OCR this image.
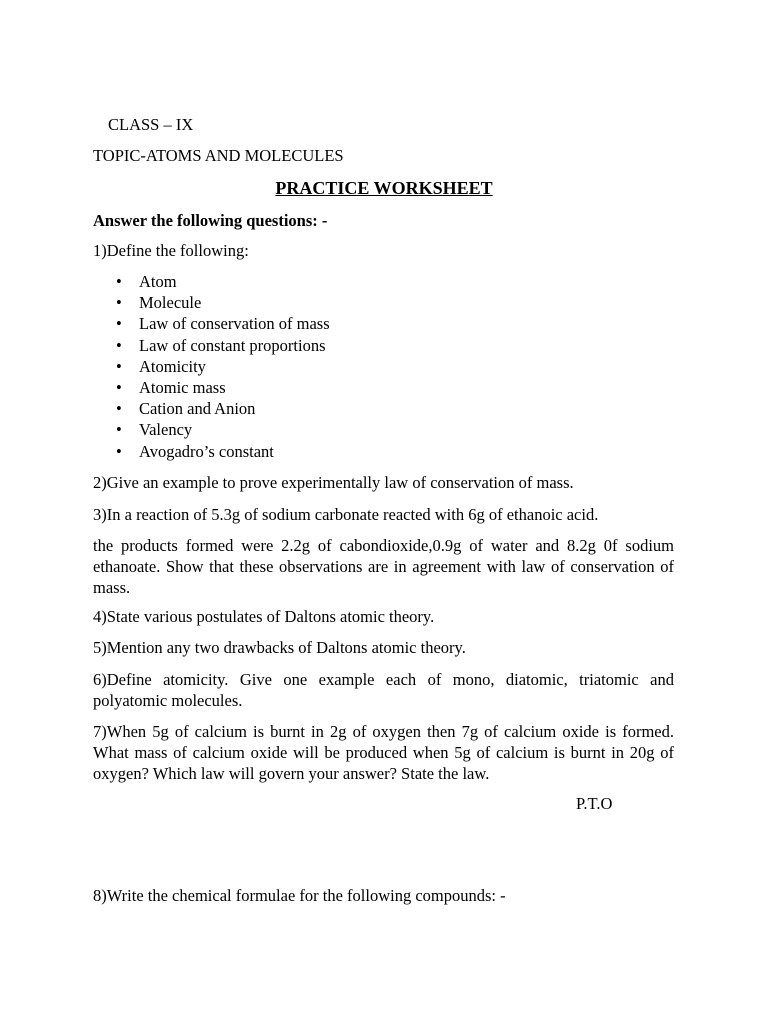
CLASS – IX
TOPIC-ATOMS AND MOLECULES
PRACTICE WORKSHEET
Answer the following questions: -
1)Define the following:
• Atom
• Molecule
• Law of conservation of mass
• Law of constant proportions
• Atomicity
• Atomic mass
• Cation and Anion
• Valency
• Avogadro’s constant
2)Give an example to prove experimentally law of conservation of mass.
3)In a reaction of 5.3g of sodium carbonate reacted with 6g of ethanoic acid.
the products formed were 2.2g of cabondioxide,0.9g of water and 8.2g 0f sodium ethanoate. Show that these observations are in agreement with law of conservation of mass.
4)State various postulates of Daltons atomic theory.
5)Mention any two drawbacks of Daltons atomic theory.
6)Define atomicity. Give one example each of mono, diatomic, triatomic and polyatomic molecules.
7)When 5g of calcium is burnt in 2g of oxygen then 7g of calcium oxide is formed. What mass of calcium oxide will be produced when 5g of calcium is burnt in 20g of oxygen? Which law will govern your answer? State the law.
P.T.O
8)Write the chemical formulae for the following compounds: -
